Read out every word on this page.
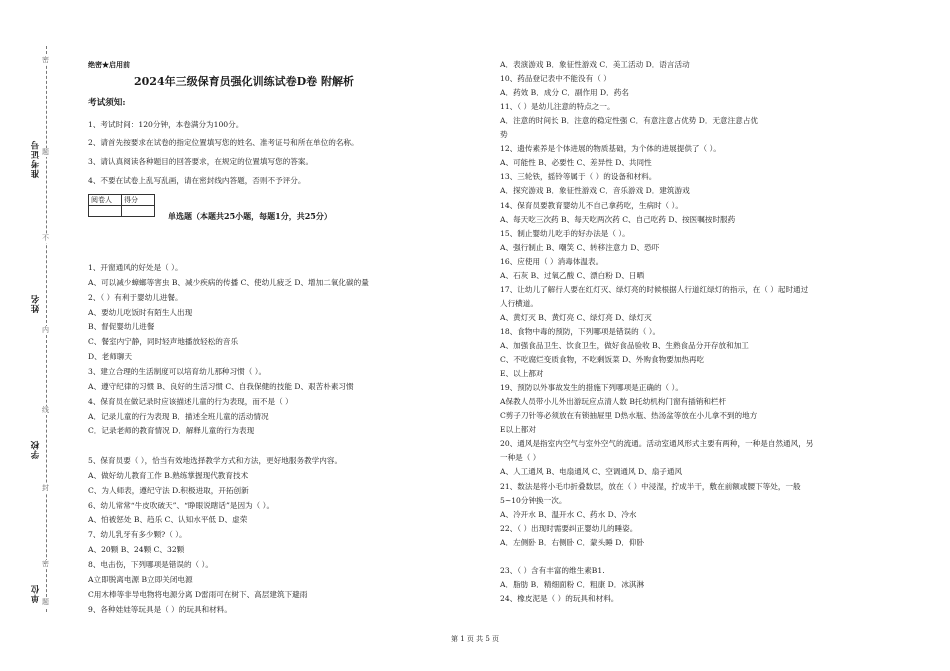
密
题
不
内
线
封
密
题
准考证号
姓名
学校
单位
绝密★启用前
2024年三级保育员强化训练试卷D卷 附解析
考试须知:
1、考试时间：120分钟，本卷满分为100分。
2、请首先按要求在试卷的指定位置填写您的姓名、准考证号和所在单位的名称。
3、请认真阅读各种题目的回答要求，在规定的位置填写您的答案。
4、不要在试卷上乱写乱画，请在密封线内答题，否则不予评分。
阅卷人	得分

单选题（本题共25小题，每题1分，共25分）
1、开窗通风的好处是（ ）。
A、可以减少蟑螂等害虫 B、减少疾病的传播 C、使幼儿疲乏 D、增加二氧化碳的量
2、（ ）有利于婴幼儿进餐。
A、要幼儿吃饭时有陌生人出现
B、督促婴幼儿进餐
C、餐室内宁静，同时轻声地播放轻松的音乐
D、老师聊天
3、建立合理的生活制度可以培育幼儿那种习惯（ ）。
A、遵守纪律的习惯 B、良好的生活习惯 C、自我保健的技能 D、艰苦朴素习惯
4、保育员在做记录时应该描述儿童的行为表现，而不是（ ）
A．记录儿童的行为表现 B．描述全班儿童的活动情况
C．记录老师的教育情况 D．解释儿童的行为表现
5、保育员要（ ），恰当有效地选择教学方式和方法，更好地服务教学内容。
A、做好幼儿教育工作 B.熟练掌握现代教育技术
C、为人师表，遵纪守法 D.积极进取，开拓创新
6、幼儿常常“牛皮吹破天”、“睁眼说瞎话”是因为（ ）。
A、怕被惩处 B、趋乐 C、认知水平低 D、虚荣
7、幼儿乳牙有多少颗?（ ）。
A、20颗 B、24颗 C、32颗
8、电击伤，下列哪项是错误的（ ）。
A立即脱离电源 B立即关闭电源
C用木棒等非导电物将电源分离 D雷雨可在树下、高层建筑下避雨
9、各种娃娃等玩具是（ ）的玩具和材料。
A．表演游戏 B．象征性游戏 C．美工活动 D．语言活动
10、药品登记表中不能没有（ ）
A．药效 B．成分 C．副作用 D．药名
11、（ ）是幼儿注意的特点之一。
A．注意的时间长 B．注意的稳定性强 C．有意注意占优势 D．无意注意占优
势
12、遗传素养是个体进展的物质基础，为个体的进展提供了（ ）。
A、可能性 B、必要性 C、差异性 D、共同性
13、三轮铁，摇铃等属于（ ）的设备和材料。
A．探究游戏 B．象征性游戏 C．音乐游戏 D．建筑游戏
14、保育员要教育婴幼儿不自己拿药吃，生病时（ ）。
A、每天吃三次药 B、每天吃两次药 C、自己吃药 D、按医嘱按时服药
15、制止婴幼儿吃手的好办法是（ ）。
A、强行制止 B、嘲笑 C、转移注意力 D、恐吓
16、应使用（ ）消毒体温表。
A、石灰 B、过氧乙酸 C、漂白粉 D、日晒
17、让幼儿了解行人要在红灯灭、绿灯亮的时候根据人行道红绿灯的指示，在（ ）起时通过
人行横道。
A、黄灯灭 B、黄灯亮 C、绿灯亮 D、绿灯灭
18、食物中毒的预防，下列哪项是错误的（ ）。
A、加强食品卫生、饮食卫生，做好食品验收 B、生熟食品分开存放和加工
C、不吃腐烂变质食物，不吃剩饭菜 D、外购食物要加热再吃
E、以上都对
19、预防以外事故发生的措施下列哪项是正确的（ ）。
A保教人员带小儿外出游玩应点清人数 B托幼机构门窗有插销和栏杆
C剪子刀针等必须放在有锁抽屉里 D热水瓶、热汤盆等放在小儿拿不到的地方
E以上都对
20、通风是指室内空气与室外空气的流通。活动室通风形式主要有两种，一种是自然通风，另
一种是（ ）
A、人工通风 B、电扇通风 C、空调通风 D、扇子通风
21、数法是将小毛巾折叠数层，放在（ ）中浸湿，拧成半干，敷在前额或腰下等处，一般
5~10分钟换一次。
A、冷开水 B、温开水 C、药水 D、冷水
22、（ ）出现时需要纠正婴幼儿的睡姿。
A．左侧卧 B．右侧卧 C．蒙头睡 D．仰卧
23、（ ）含有丰富的维生素B1.
A．脂肪 B．精细面粉 C．粗康 D．冰淇淋
24、橡皮泥是（ ）的玩具和材料。
第 1 页 共 5 页
